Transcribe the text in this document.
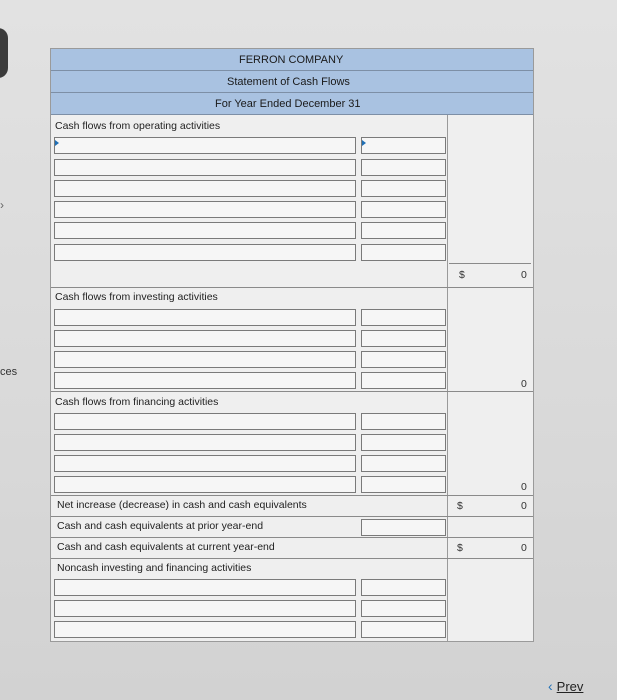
›
ces
FERRON COMPANY
Statement of Cash Flows
For Year Ended December 31
Cash flows from operating activities
$	0
Cash flows from investing activities
0
Cash flows from financing activities
0
Net increase (decrease) in cash and cash equivalents	$	0
Cash and cash equivalents at prior year-end
Cash and cash equivalents at current year-end	$	0
Noncash investing and financing activities
‹ Prev
